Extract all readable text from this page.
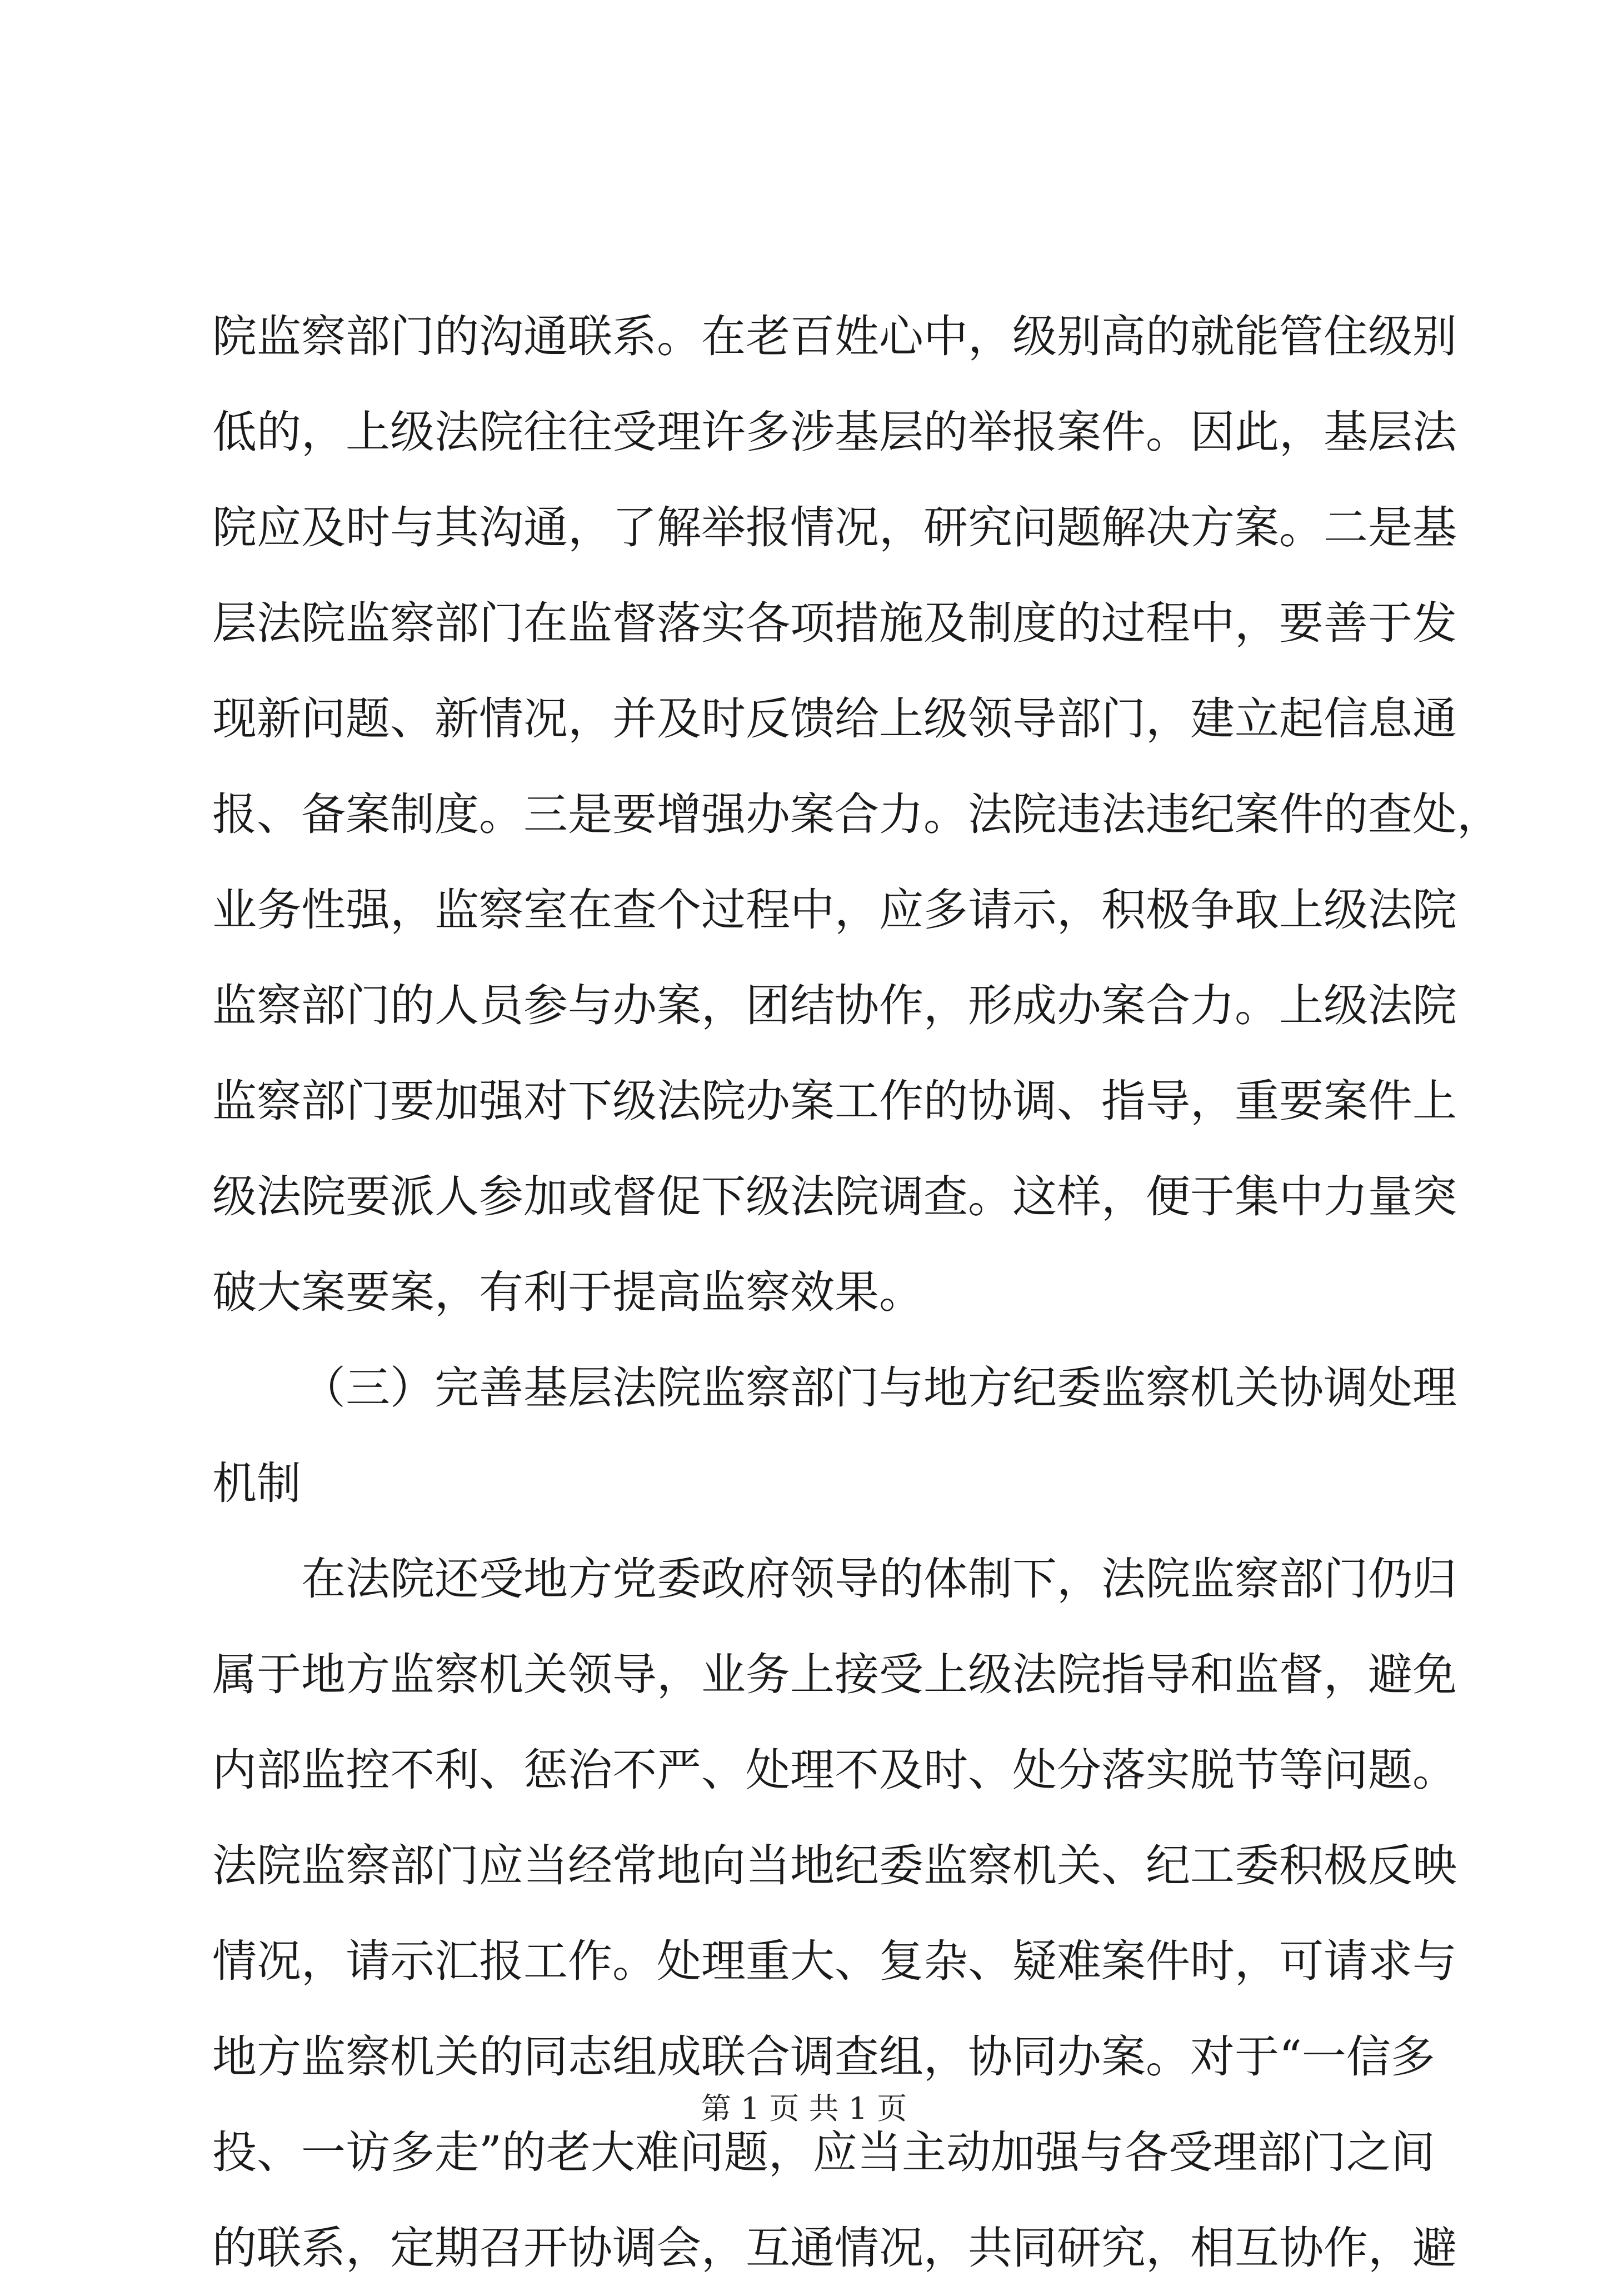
院监察部门的沟通联系。在老百姓心中，级别高的就能管住级别
低的，上级法院往往受理许多涉基层的举报案件。因此，基层法
院应及时与其沟通，了解举报情况，研究问题解决方案。二是基
层法院监察部门在监督落实各项措施及制度的过程中，要善于发
现新问题、新情况，并及时反馈给上级领导部门，建立起信息通
报、备案制度。三是要增强办案合力。法院违法违纪案件的查处，
业务性强，监察室在查个过程中，应多请示，积极争取上级法院
监察部门的人员参与办案，团结协作，形成办案合力。上级法院
监察部门要加强对下级法院办案工作的协调、指导，重要案件上
级法院要派人参加或督促下级法院调查。这样，便于集中力量突
破大案要案，有利于提高监察效果。
（三）完善基层法院监察部门与地方纪委监察机关协调处理
机制
在法院还受地方党委政府领导的体制下，法院监察部门仍归
属于地方监察机关领导，业务上接受上级法院指导和监督，避免
内部监控不利、惩治不严、处理不及时、处分落实脱节等问题。
法院监察部门应当经常地向当地纪委监察机关、纪工委积极反映
情况，请示汇报工作。处理重大、复杂、疑难案件时，可请求与
地方监察机关的同志组成联合调查组，协同办案。对于“一信多
投、一访多走”的老大难问题，应当主动加强与各受理部门之间
的联系，定期召开协调会，互通情况，共同研究，相互协作，避
第 1 页 共 1 页
